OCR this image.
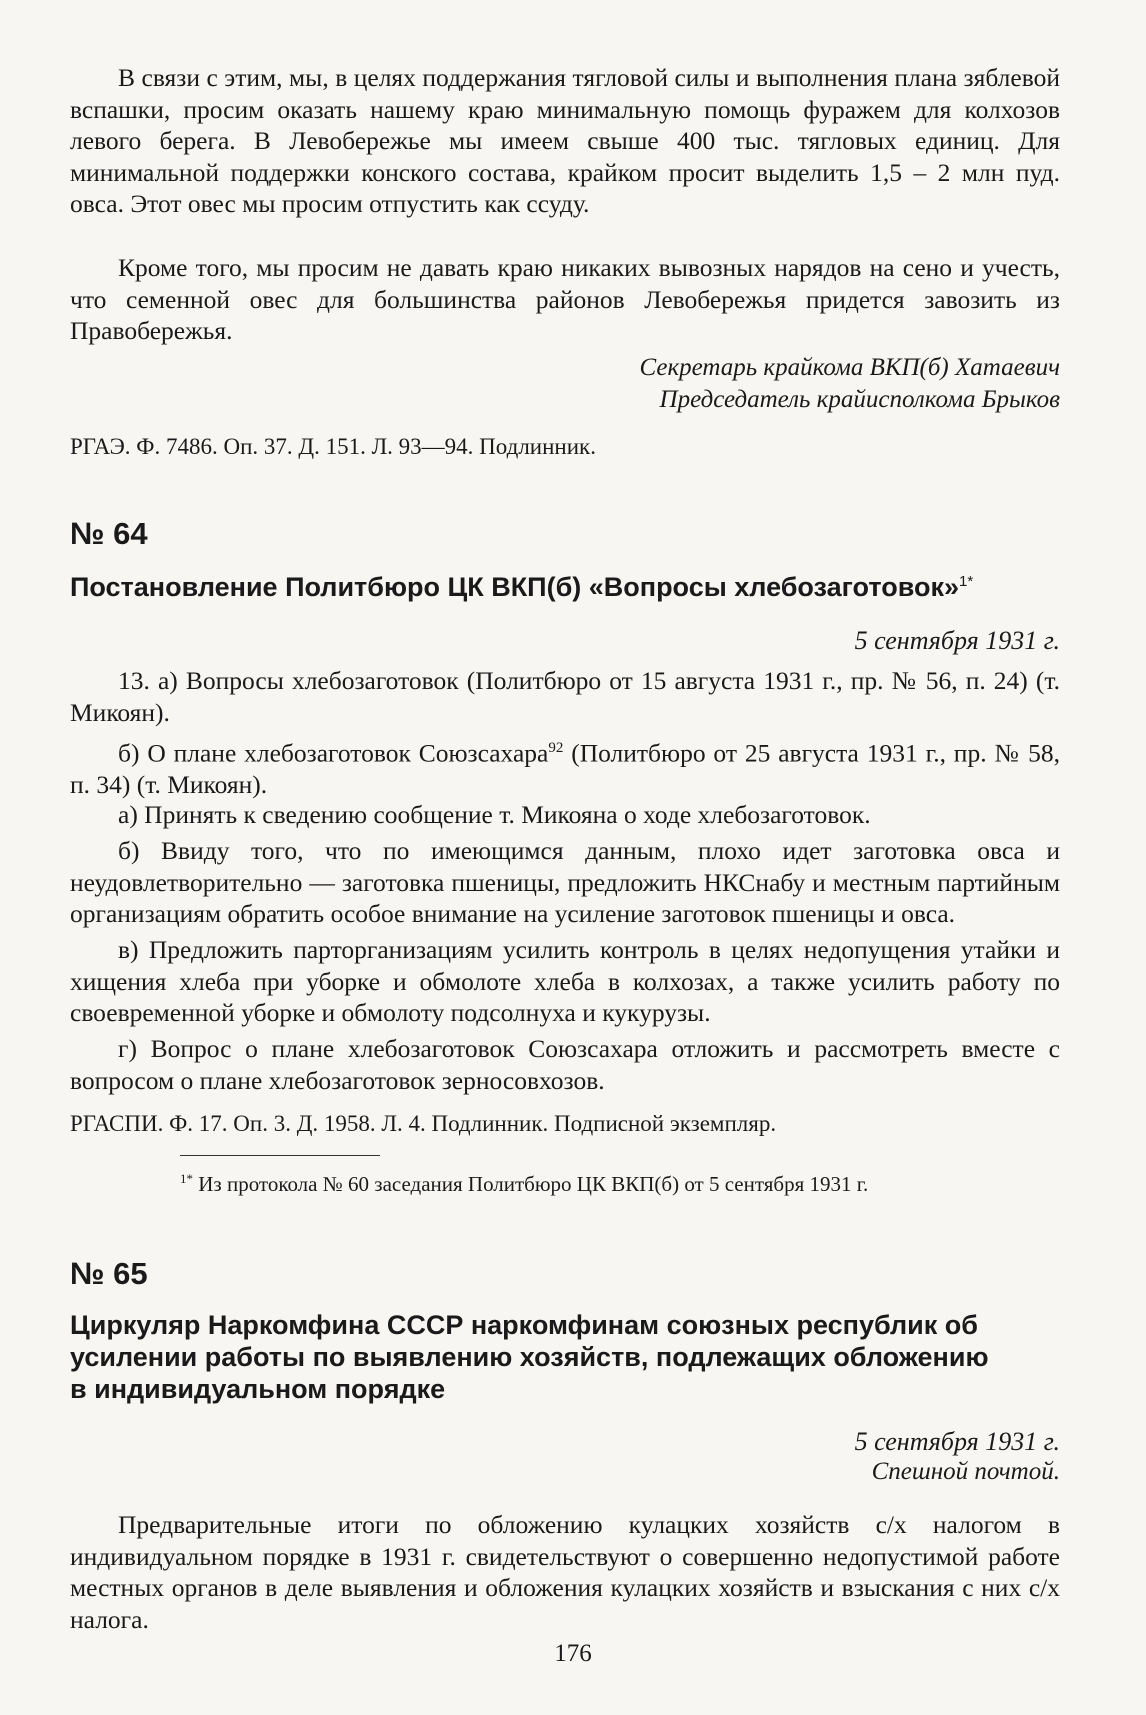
В связи с этим, мы, в целях поддержания тягловой силы и выполнения плана зяблевой вспашки, просим оказать нашему краю минимальную помощь фуражем для колхозов левого берега. В Левобережье мы имеем свыше 400 тыс. тягловых единиц. Для минимальной поддержки конского состава, крайком просит выделить 1,5 – 2 млн пуд. овса. Этот овес мы просим отпустить как ссуду.

Кроме того, мы просим не давать краю никаких вывозных нарядов на сено и учесть, что семенной овес для большинства районов Левобережья придется завозить из Правобережья.

Секретарь крайкома ВКП(б) Хатаевич

Председатель крайисполкома Брыков

РГАЭ. Ф. 7486. Оп. 37. Д. 151. Л. 93—94. Подлинник.

№ 64

Постановление Политбюро ЦК ВКП(б) «Вопросы хлебозаготовок»$^{1*}$

5 сентября 1931 г.

13. а) Вопросы хлебозаготовок (Политбюро от 15 августа 1931 г., пр. № 56, п. 24) (т. Микоян).

б) О плане хлебозаготовок Союзсахара$^{92}$ (Политбюро от 25 августа 1931 г., пр. № 58, п. 34) (т. Микоян).

а) Принять к сведению сообщение т. Микояна о ходе хлебозаготовок.

б) Ввиду того, что по имеющимся данным, плохо идет заготовка овса и неудовлетворительно — заготовка пшеницы, предложить НКСнабу и местным партийным организациям обратить особое внимание на усиление заготовок пшеницы и овса.

в) Предложить парторганизациям усилить контроль в целях недопущения утайки и хищения хлеба при уборке и обмолоте хлеба в колхозах, а также усилить работу по своевременной уборке и обмолоту подсолнуха и кукурузы.

г) Вопрос о плане хлебозаготовок Союзсахара отложить и рассмотреть вместе с вопросом о плане хлебозаготовок зерносовхозов.

РГАСПИ. Ф. 17. Оп. 3. Д. 1958. Л. 4. Подлинник. Подписной экземпляр.

$^{1*}$ Из протокола № 60 заседания Политбюро ЦК ВКП(б) от 5 сентября 1931 г.

№ 65

Циркуляр Наркомфина СССР наркомфинам союзных республик об усилении работы по выявлению хозяйств, подлежащих обложению в индивидуальном порядке

5 сентября 1931 г.

Спешной почтой.

Предварительные итоги по обложению кулацких хозяйств с/х налогом в индивидуальном порядке в 1931 г. свидетельствуют о совершенно недопустимой работе местных органов в деле выявления и обложения кулацких хозяйств и взыскания с них с/х налога.

176
